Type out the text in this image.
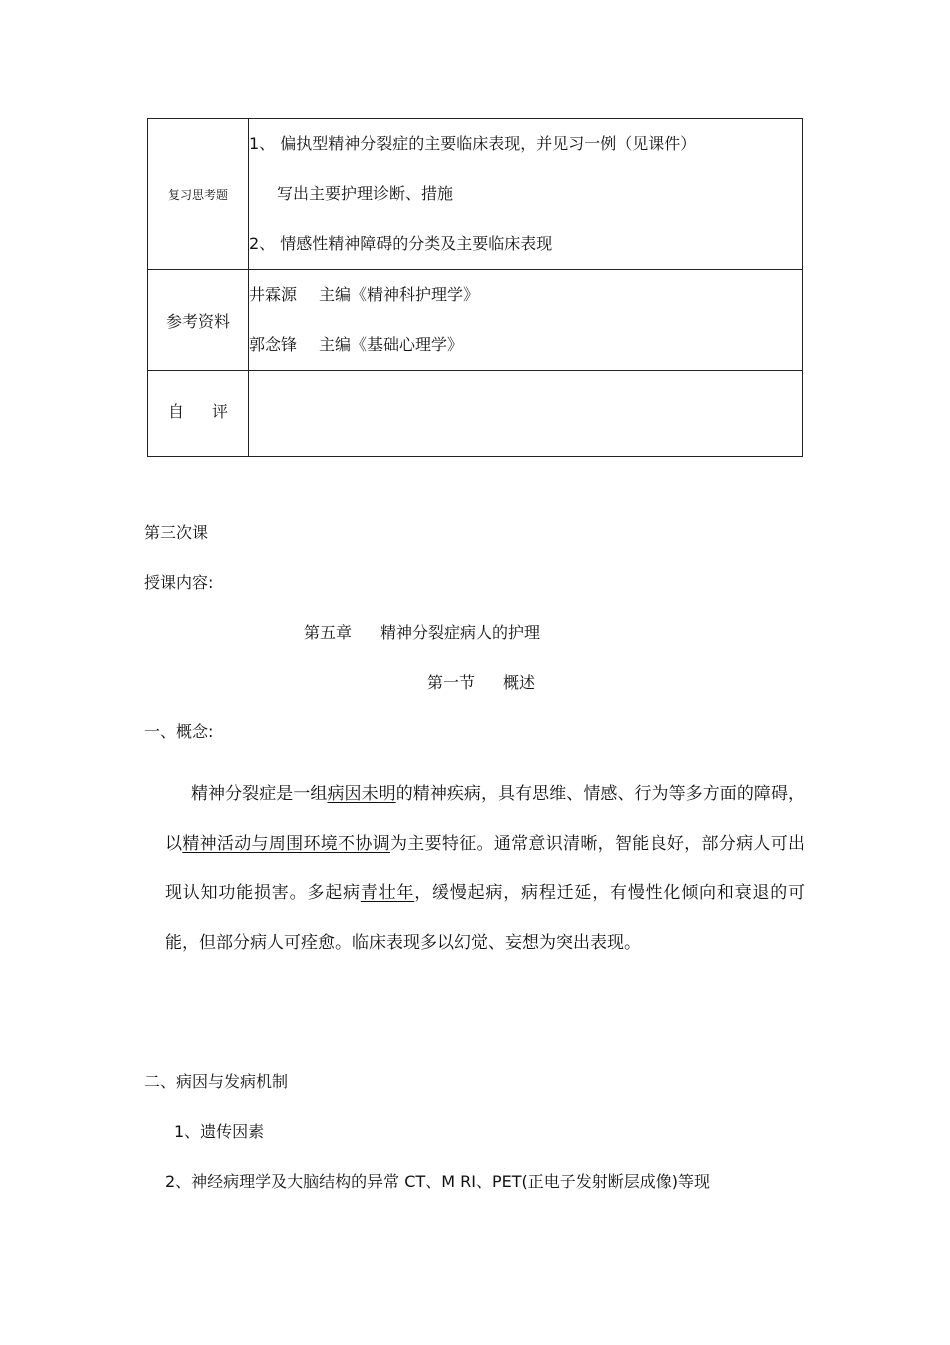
复习思考题	1、 偏执型精神分裂症的主要临床表现，并见习一例（见课件）
写出主要护理诊断、措施
2、 情感性精神障碍的分类及主要临床表现

参考资料	井霖源 主编《精神科护理学》
郭念锋 主编《基础心理学》

自 评	
第三次课
授课内容:
第五章 精神分裂症病人的护理
第一节 概述
一、概念:

精神分裂症是一组病因未明的精神疾病，具有思维、情感、行为等多方面的障碍，以精神活动与周围环境不协调为主要特征。通常意识清晰，智能良好，部分病人可出现认知功能损害。多起病青壮年，缓慢起病，病程迁延，有慢性化倾向和衰退的可能，但部分病人可痊愈。临床表现多以幻觉、妄想为突出表现。

二、病因与发病机制
1、遗传因素
2、神经病理学及大脑结构的异常 CT、M RI、PET(正电子发射断层成像)等现
